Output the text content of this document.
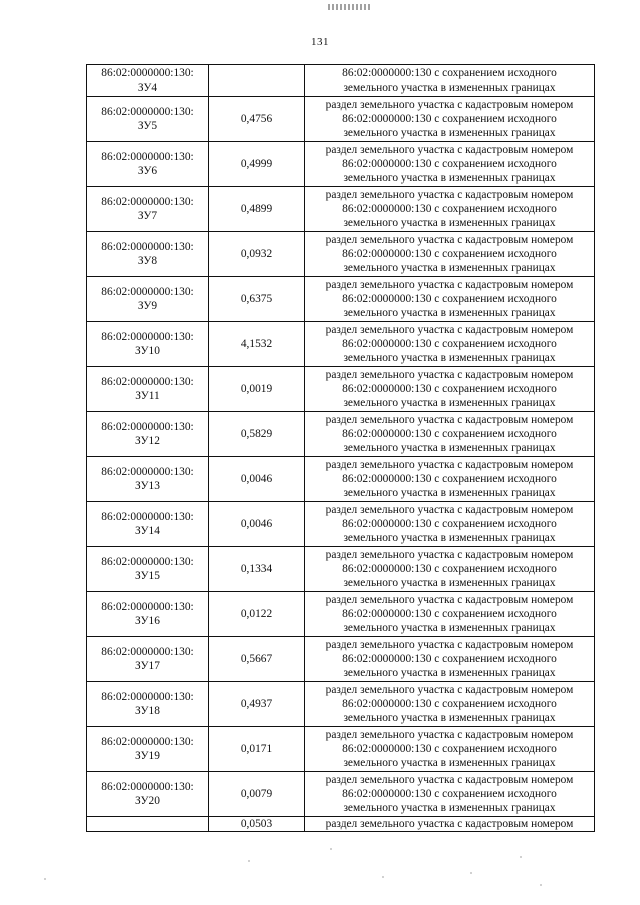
131
86:02:0000000:130:
ЗУ4		86:02:0000000:130 с сохранением исходного
земельного участка в измененных границах

86:02:0000000:130:
ЗУ5	0,4756	раздел земельного участка с кадастровым номером
86:02:0000000:130 с сохранением исходного
земельного участка в измененных границах

86:02:0000000:130:
ЗУ6	0,4999	раздел земельного участка с кадастровым номером
86:02:0000000:130 с сохранением исходного
земельного участка в измененных границах

86:02:0000000:130:
ЗУ7	0,4899	раздел земельного участка с кадастровым номером
86:02:0000000:130 с сохранением исходного
земельного участка в измененных границах

86:02:0000000:130:
ЗУ8	0,0932	раздел земельного участка с кадастровым номером
86:02:0000000:130 с сохранением исходного
земельного участка в измененных границах

86:02:0000000:130:
ЗУ9	0,6375	раздел земельного участка с кадастровым номером
86:02:0000000:130 с сохранением исходного
земельного участка в измененных границах

86:02:0000000:130:
ЗУ10	4,1532	раздел земельного участка с кадастровым номером
86:02:0000000:130 с сохранением исходного
земельного участка в измененных границах

86:02:0000000:130:
ЗУ11	0,0019	раздел земельного участка с кадастровым номером
86:02:0000000:130 с сохранением исходного
земельного участка в измененных границах

86:02:0000000:130:
ЗУ12	0,5829	раздел земельного участка с кадастровым номером
86:02:0000000:130 с сохранением исходного
земельного участка в измененных границах

86:02:0000000:130:
ЗУ13	0,0046	раздел земельного участка с кадастровым номером
86:02:0000000:130 с сохранением исходного
земельного участка в измененных границах

86:02:0000000:130:
ЗУ14	0,0046	раздел земельного участка с кадастровым номером
86:02:0000000:130 с сохранением исходного
земельного участка в измененных границах

86:02:0000000:130:
ЗУ15	0,1334	раздел земельного участка с кадастровым номером
86:02:0000000:130 с сохранением исходного
земельного участка в измененных границах

86:02:0000000:130:
ЗУ16	0,0122	раздел земельного участка с кадастровым номером
86:02:0000000:130 с сохранением исходного
земельного участка в измененных границах

86:02:0000000:130:
ЗУ17	0,5667	раздел земельного участка с кадастровым номером
86:02:0000000:130 с сохранением исходного
земельного участка в измененных границах

86:02:0000000:130:
ЗУ18	0,4937	раздел земельного участка с кадастровым номером
86:02:0000000:130 с сохранением исходного
земельного участка в измененных границах

86:02:0000000:130:
ЗУ19	0,0171	раздел земельного участка с кадастровым номером
86:02:0000000:130 с сохранением исходного
земельного участка в измененных границах

86:02:0000000:130:
ЗУ20	0,0079	раздел земельного участка с кадастровым номером
86:02:0000000:130 с сохранением исходного
земельного участка в измененных границах

	0,0503	раздел земельного участка с кадастровым номером
